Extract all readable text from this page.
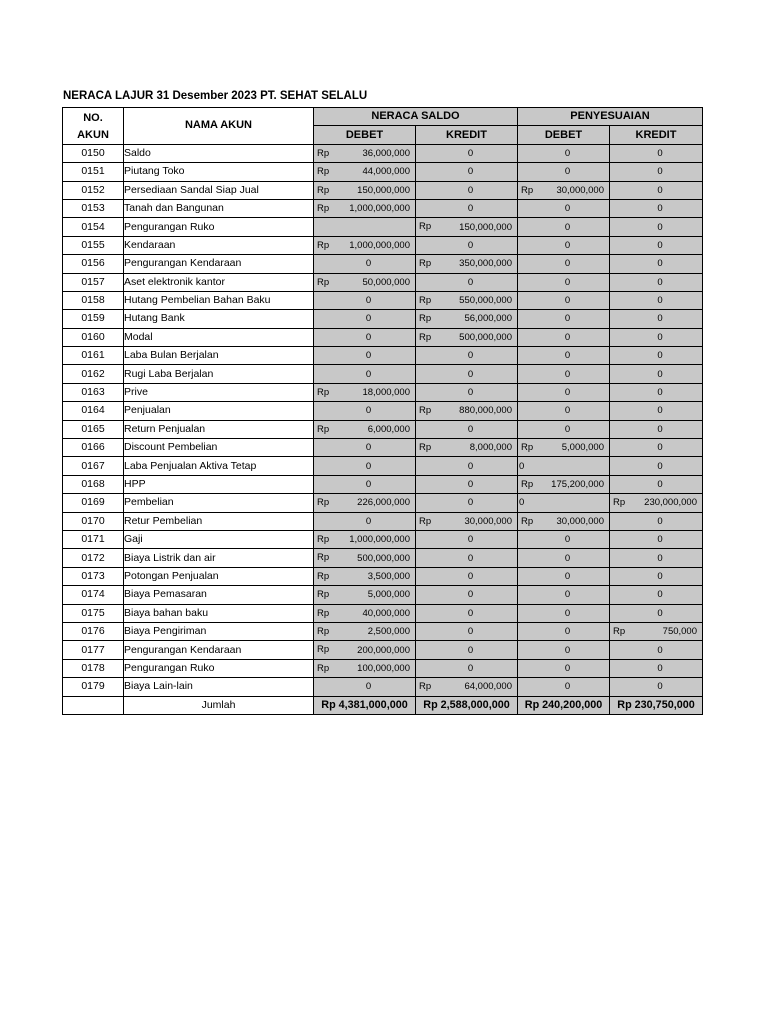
NERACA LAJUR 31 Desember 2023 PT. SEHAT SELALU
NO.
AKUN	NAMA AKUN	NERACA SALDO		PENYESUAIAN	
		DEBET	KREDIT	DEBET	KREDIT
0150	Saldo	Rp 36,000,000	0	0	0

0151	Piutang Toko	Rp 44,000,000	0	0	0

0152	Persediaan Sandal Siap Jual	Rp 150,000,000	0	Rp 30,000,000	0

0153	Tanah dan Bangunan	Rp 1,000,000,000	0	0	0

0154	Pengurangan Ruko		Rp 150,000,000	0	0

0155	Kendaraan	Rp 1,000,000,000	0	0	0

0156	Pengurangan Kendaraan	0	Rp 350,000,000	0	0

0157	Aset elektronik kantor	Rp 50,000,000	0	0	0

0158	Hutang Pembelian Bahan Baku	0	Rp 550,000,000	0	0

0159	Hutang Bank	0	Rp 56,000,000	0	0

0160	Modal	0	Rp 500,000,000	0	0

0161	Laba Bulan Berjalan	0	0	0	0

0162	Rugi Laba Berjalan	0	0	0	0

0163	Prive	Rp 18,000,000	0	0	0

0164	Penjualan	0	Rp 880,000,000	0	0

0165	Return Penjualan	Rp 6,000,000	0	0	0

0166	Discount Pembelian	0	Rp 8,000,000	Rp 5,000,000	0

0167	Laba Penjualan Aktiva Tetap	0	0	0	0

0168	HPP	0	0	Rp 175,200,000	0

0169	Pembelian	Rp 226,000,000	0	0	Rp 230,000,000

0170	Retur Pembelian	0	Rp 30,000,000	Rp 30,000,000	0

0171	Gaji	Rp 1,000,000,000	0	0	0

0172	Biaya Listrik dan air	Rp 500,000,000	0	0	0

0173	Potongan Penjualan	Rp 3,500,000	0	0	0

0174	Biaya Pemasaran	Rp 5,000,000	0	0	0

0175	Biaya bahan baku	Rp 40,000,000	0	0	0

0176	Biaya Pengiriman	Rp 2,500,000	0	0	Rp 750,000

0177	Pengurangan Kendaraan	Rp 200,000,000	0	0	0

0178	Pengurangan Ruko	Rp 100,000,000	0	0	0

0179	Biaya Lain-lain	0	Rp 64,000,000	0	0

	Jumlah	Rp 4,381,000,000	Rp 2,588,000,000	Rp 240,200,000	Rp 230,750,000
